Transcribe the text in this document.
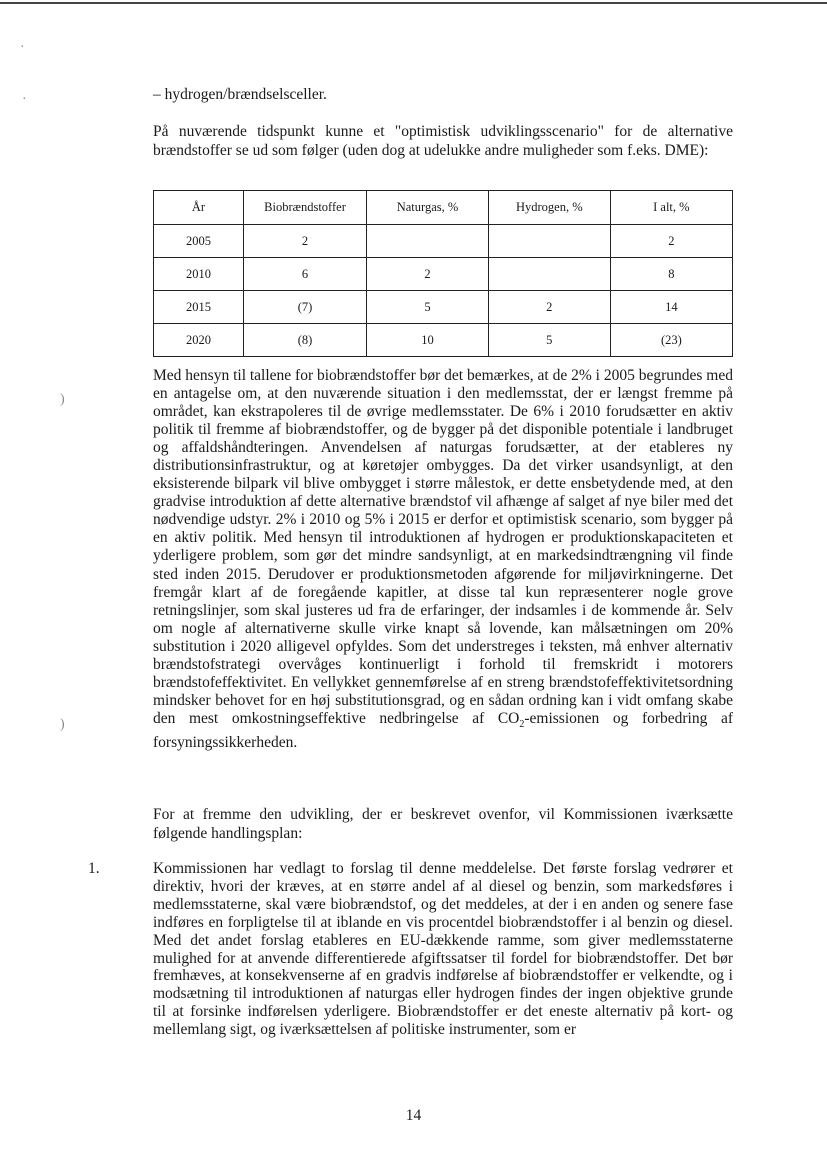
·
·
)
)
– hydrogen/brændselsceller.
På nuværende tidspunkt kunne et "optimistisk udviklingsscenario" for de alternative brændstoffer se ud som følger (uden dog at udelukke andre muligheder som f.eks. DME):
År	Biobrændstoffer	Naturgas, %	Hydrogen, %	I alt, %
2005	2			2
2010	6	2		8
2015	(7)	5	2	14
2020	(8)	10	5	(23)
Med hensyn til tallene for biobrændstoffer bør det bemærkes, at de 2% i 2005 begrundes med en antagelse om, at den nuværende situation i den medlemsstat, der er længst fremme på området, kan ekstrapoleres til de øvrige medlemsstater. De 6% i 2010 forudsætter en aktiv politik til fremme af biobrændstoffer, og de bygger på det disponible potentiale i landbruget og affaldshåndteringen. Anvendelsen af naturgas forudsætter, at der etableres ny distributionsinfrastruktur, og at køretøjer ombygges. Da det virker usandsynligt, at den eksisterende bilpark vil blive ombygget i større målestok, er dette ensbetydende med, at den gradvise introduktion af dette alternative brændstof vil afhænge af salget af nye biler med det nødvendige udstyr. 2% i 2010 og 5% i 2015 er derfor et optimistisk scenario, som bygger på en aktiv politik. Med hensyn til introduktionen af hydrogen er produktionskapaciteten et yderligere problem, som gør det mindre sandsynligt, at en markedsindtrængning vil finde sted inden 2015. Derudover er produktionsmetoden afgørende for miljøvirkningerne. Det fremgår klart af de foregående kapitler, at disse tal kun repræsenterer nogle grove retningslinjer, som skal justeres ud fra de erfaringer, der indsamles i de kommende år. Selv om nogle af alternativerne skulle virke knapt så lovende, kan målsætningen om 20% substitution i 2020 alligevel opfyldes. Som det understreges i teksten, må enhver alternativ brændstofstrategi overvåges kontinuerligt i forhold til fremskridt i motorers brændstofeffektivitet. En vellykket gennemførelse af en streng brændstofeffektivitetsordning mindsker behovet for en høj substitutionsgrad, og en sådan ordning kan i vidt omfang skabe den mest omkostningseffektive nedbringelse af $CO_2$-emissionen og forbedring af forsyningssikkerheden.
For at fremme den udvikling, der er beskrevet ovenfor, vil Kommissionen iværksætte følgende handlingsplan:
1.	Kommissionen har vedlagt to forslag til denne meddelelse. Det første forslag vedrører et direktiv, hvori der kræves, at en større andel af al diesel og benzin, som markedsføres i medlemsstaterne, skal være biobrændstof, og det meddeles, at der i en anden og senere fase indføres en forpligtelse til at iblande en vis procentdel biobrændstoffer i al benzin og diesel. Med det andet forslag etableres en EU-dækkende ramme, som giver medlemsstaterne mulighed for at anvende differentierede afgiftssatser til fordel for biobrændstoffer. Det bør fremhæves, at konsekvenserne af en gradvis indførelse af biobrændstoffer er velkendte, og i modsætning til introduktionen af naturgas eller hydrogen findes der ingen objektive grunde til at forsinke indførelsen yderligere. Biobrændstoffer er det eneste alternativ på kort- og mellemlang sigt, og iværksættelsen af politiske instrumenter, som er
14
